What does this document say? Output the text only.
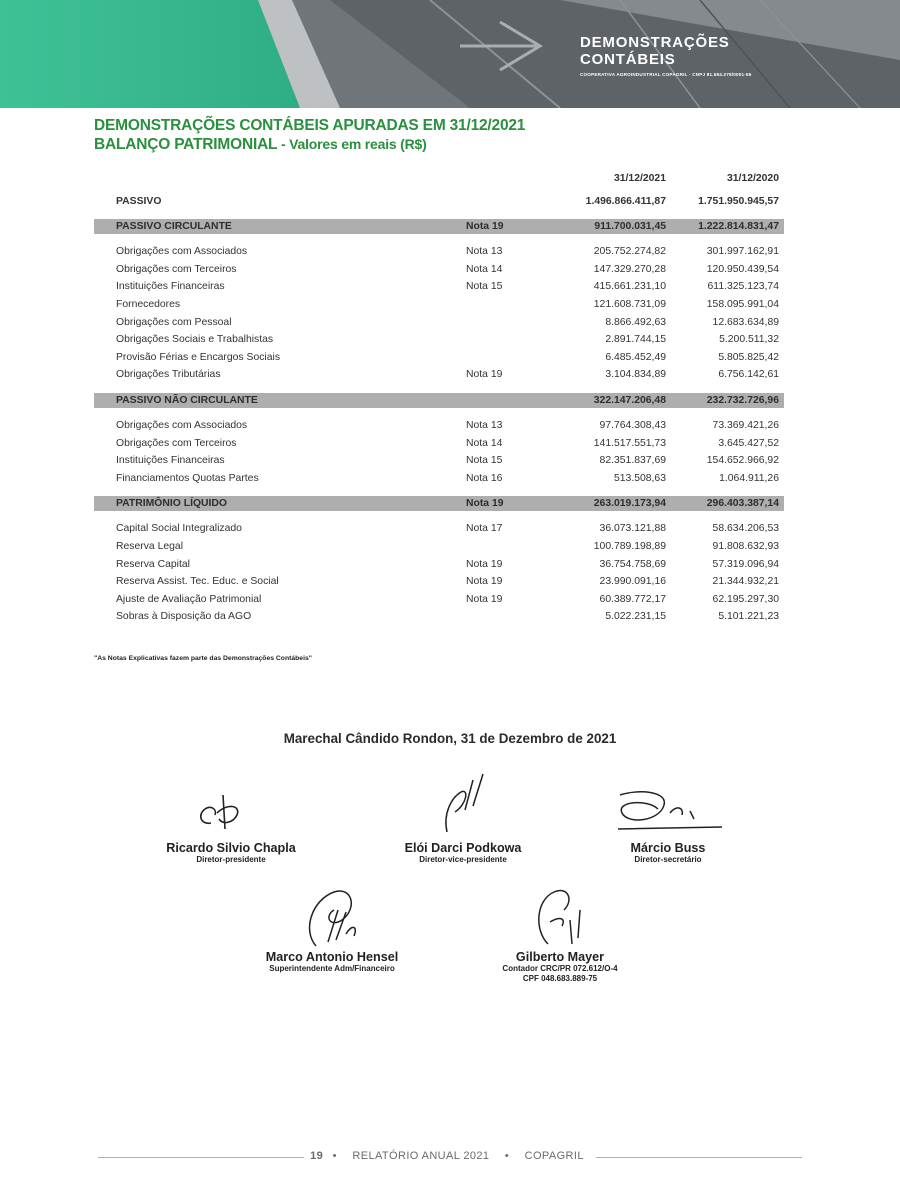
DEMONSTRAÇÕES
CONTÁBEIS
COOPERATIVA AGROINDUSTRIAL COPAGRIL · CNPJ 81.584.278/0001-55
DEMONSTRAÇÕES CONTÁBEIS APURADAS EM 31/12/2021
BALANÇO PATRIMONIAL - Valores em reais (R$)
31/12/2021	31/12/2020
PASSIVO	1.496.866.411,87	1.751.950.945,57
PASSIVO CIRCULANTE	Nota 19	911.700.031,45	1.222.814.831,47
Obrigações com Associados	Nota 13	205.752.274,82	301.997.162,91
Obrigações com Terceiros	Nota 14	147.329.270,28	120.950.439,54
Instituições Financeiras	Nota 15	415.661.231,10	611.325.123,74
Fornecedores	121.608.731,09	158.095.991,04
Obrigações com Pessoal	8.866.492,63	12.683.634,89
Obrigações Sociais e Trabalhistas	2.891.744,15	5.200.511,32
Provisão Férias e Encargos Sociais	6.485.452,49	5.805.825,42
Obrigações Tributárias	Nota 19	3.104.834,89	6.756.142,61
PASSIVO NÃO CIRCULANTE	322.147.206,48	232.732.726,96
Obrigações com Associados	Nota 13	97.764.308,43	73.369.421,26
Obrigações com Terceiros	Nota 14	141.517.551,73	3.645.427,52
Instituições Financeiras	Nota 15	82.351.837,69	154.652.966,92
Financiamentos Quotas Partes	Nota 16	513.508,63	1.064.911,26
PATRIMÔNIO LÍQUIDO	Nota 19	263.019.173,94	296.403.387,14
Capital Social Integralizado	Nota 17	36.073.121,88	58.634.206,53
Reserva Legal	100.789.198,89	91.808.632,93
Reserva Capital	Nota 19	36.754.758,69	57.319.096,94
Reserva Assist. Tec. Educ. e Social	Nota 19	23.990.091,16	21.344.932,21
Ajuste de Avaliação Patrimonial	Nota 19	60.389.772,17	62.195.297,30
Sobras à Disposição da AGO	5.022.231,15	5.101.221,23
"As Notas Explicativas fazem parte das Demonstrações Contábeis"
Marechal Cândido Rondon, 31 de Dezembro de 2021
Ricardo Silvio Chapla
Diretor-presidente
Elói Darci Podkowa
Diretor-vice-presidente
Márcio Buss
Diretor-secretário
Marco Antonio Hensel
Superintendente Adm/Financeiro
Gilberto Mayer
Contador CRC/PR 072.612/O-4
CPF 048.683.889-75
19 • RELATÓRIO ANUAL 2021 • COPAGRIL
